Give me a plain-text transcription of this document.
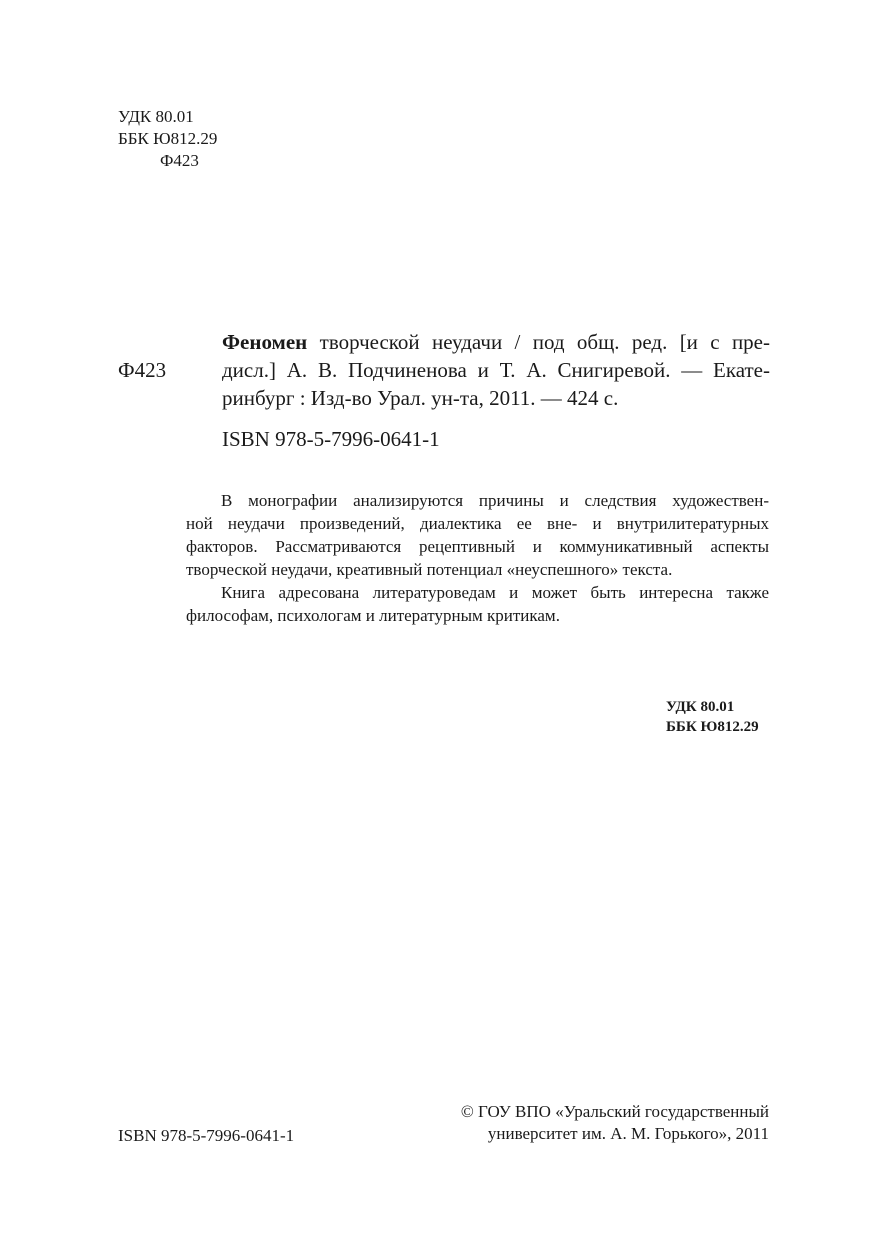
УДК 80.01
ББК Ю812.29
Ф423
Ф423
Феномен творческой неудачи / под общ. ред. [и с пре-
дисл.] А. В. Подчиненова и Т. А. Снигиревой. — Екате-
ринбург : Изд-во Урал. ун-та, 2011. — 424 с.
ISBN 978-5-7996-0641-1
В монографии анализируются причины и следствия художествен-
ной неудачи произведений, диалектика ее вне- и внутрилитературных
факторов. Рассматриваются рецептивный и коммуникативный аспекты
творческой неудачи, креативный потенциал «неуспешного» текста.
Книга адресована литературоведам и может быть интересна также
философам, психологам и литературным критикам.
УДК 80.01
ББК Ю812.29
ISBN 978-5-7996-0641-1
© ГОУ ВПО «Уральский государственный
университет им. А. М. Горького», 2011
